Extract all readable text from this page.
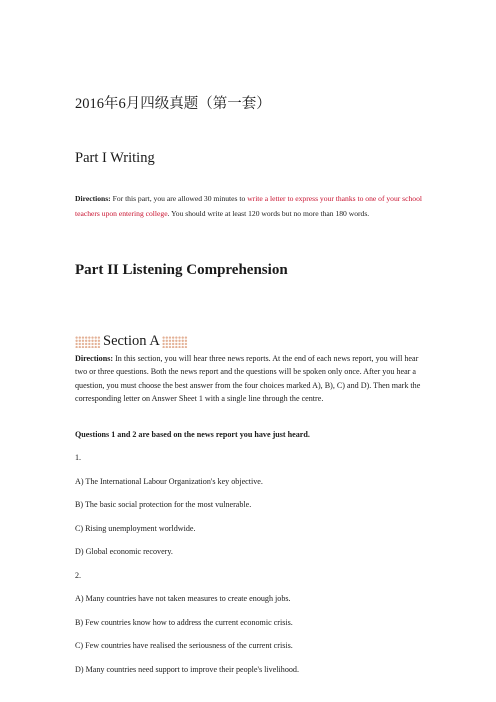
2016年6月四级真题（第一套）
Part I Writing
Directions: For this part, you are allowed 30 minutes to write a letter to express your thanks to one of your school teachers upon entering college. You should write at least 120 words but no more than 180 words.
Part II Listening Comprehension
Section A
Directions: In this section, you will hear three news reports. At the end of each news report, you will hear two or three questions. Both the news report and the questions will be spoken only once. After you hear a question, you must choose the best answer from the four choices marked A), B), C) and D). Then mark the corresponding letter on Answer Sheet 1 with a single line through the centre.
Questions 1 and 2 are based on the news report you have just heard.
1.
A) The International Labour Organization's key objective.
B) The basic social protection for the most vulnerable.
C) Rising unemployment worldwide.
D) Global economic recovery.
2.
A) Many countries have not taken measures to create enough jobs.
B) Few countries know how to address the current economic crisis.
C) Few countries have realised the seriousness of the current crisis.
D) Many countries need support to improve their people's livelihood.
